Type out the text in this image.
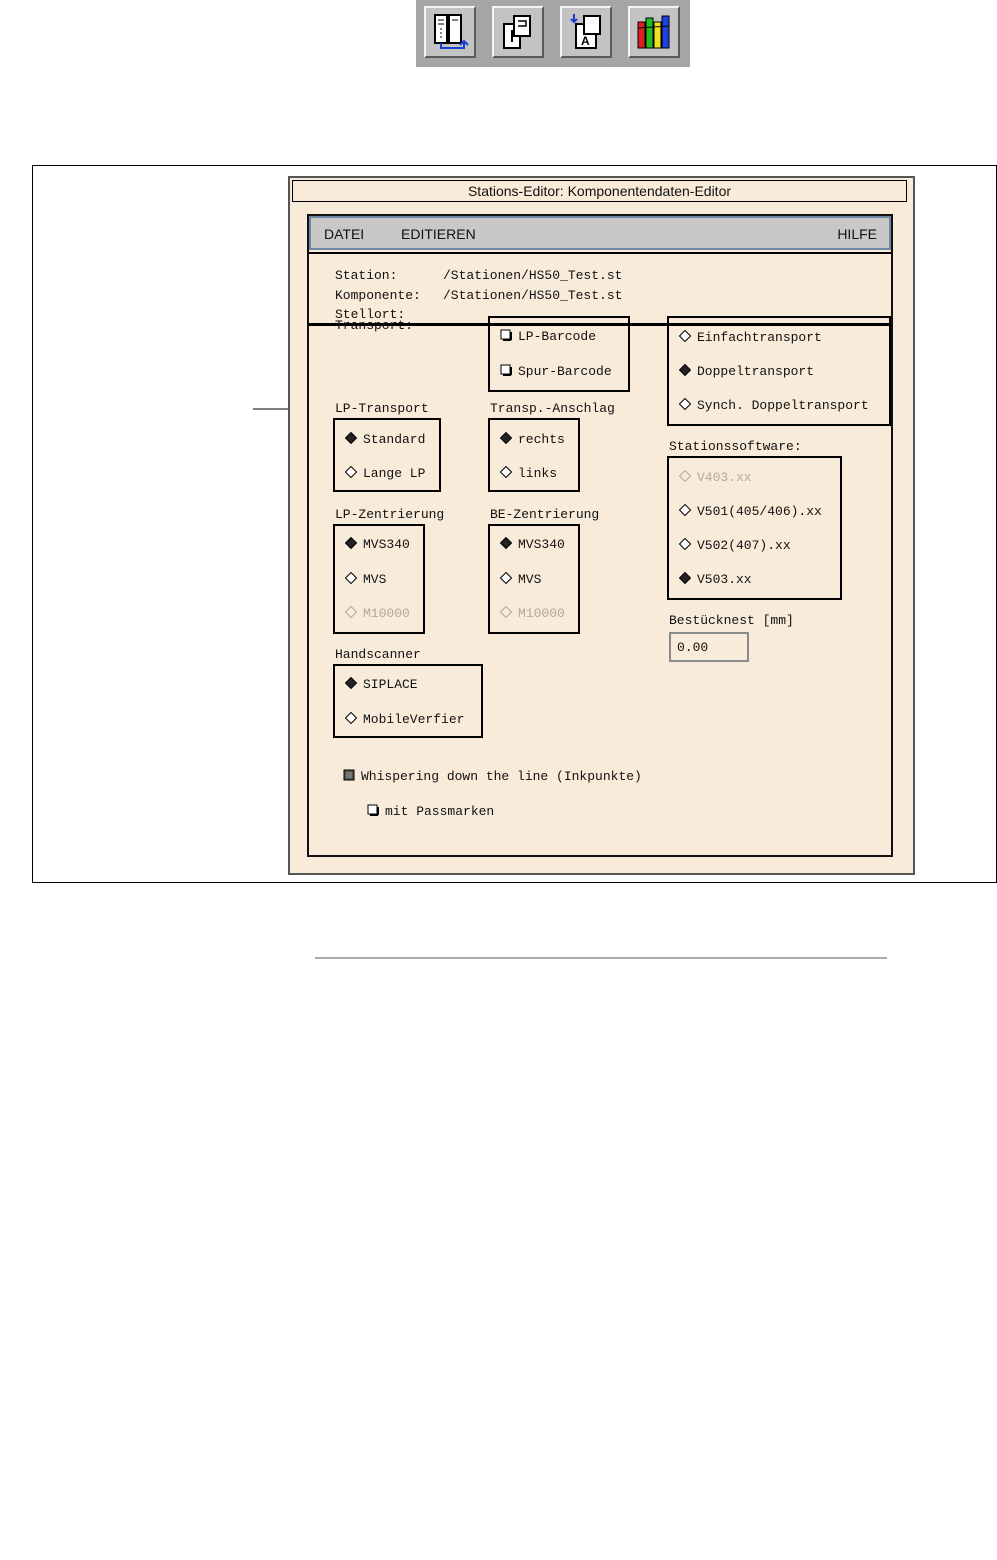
A
Stations-Editor: Komponentendaten-Editor
DATEI	EDITIEREN	HILFE
Station:	/Stationen/HS50_Test.st
Komponente: /Stationen/HS50_Test.st
Stellort:
Transport:
LP-Barcode
Spur-Barcode
Einfachtransport
Doppeltransport
Synch. Doppeltransport
LP-Transport
Standard
Lange LP
Transp.-Anschlag
rechts
links
Stationssoftware:
V403.xx
V501(405/406).xx
V502(407).xx
V503.xx
LP-Zentrierung
MVS340
MVS
M10000
BE-Zentrierung
MVS340
MVS
M10000	Bestücknest [mm]
0.00
Handscanner
SIPLACE
MobileVerfier
Whispering down the line (Inkpunkte)
mit Passmarken
